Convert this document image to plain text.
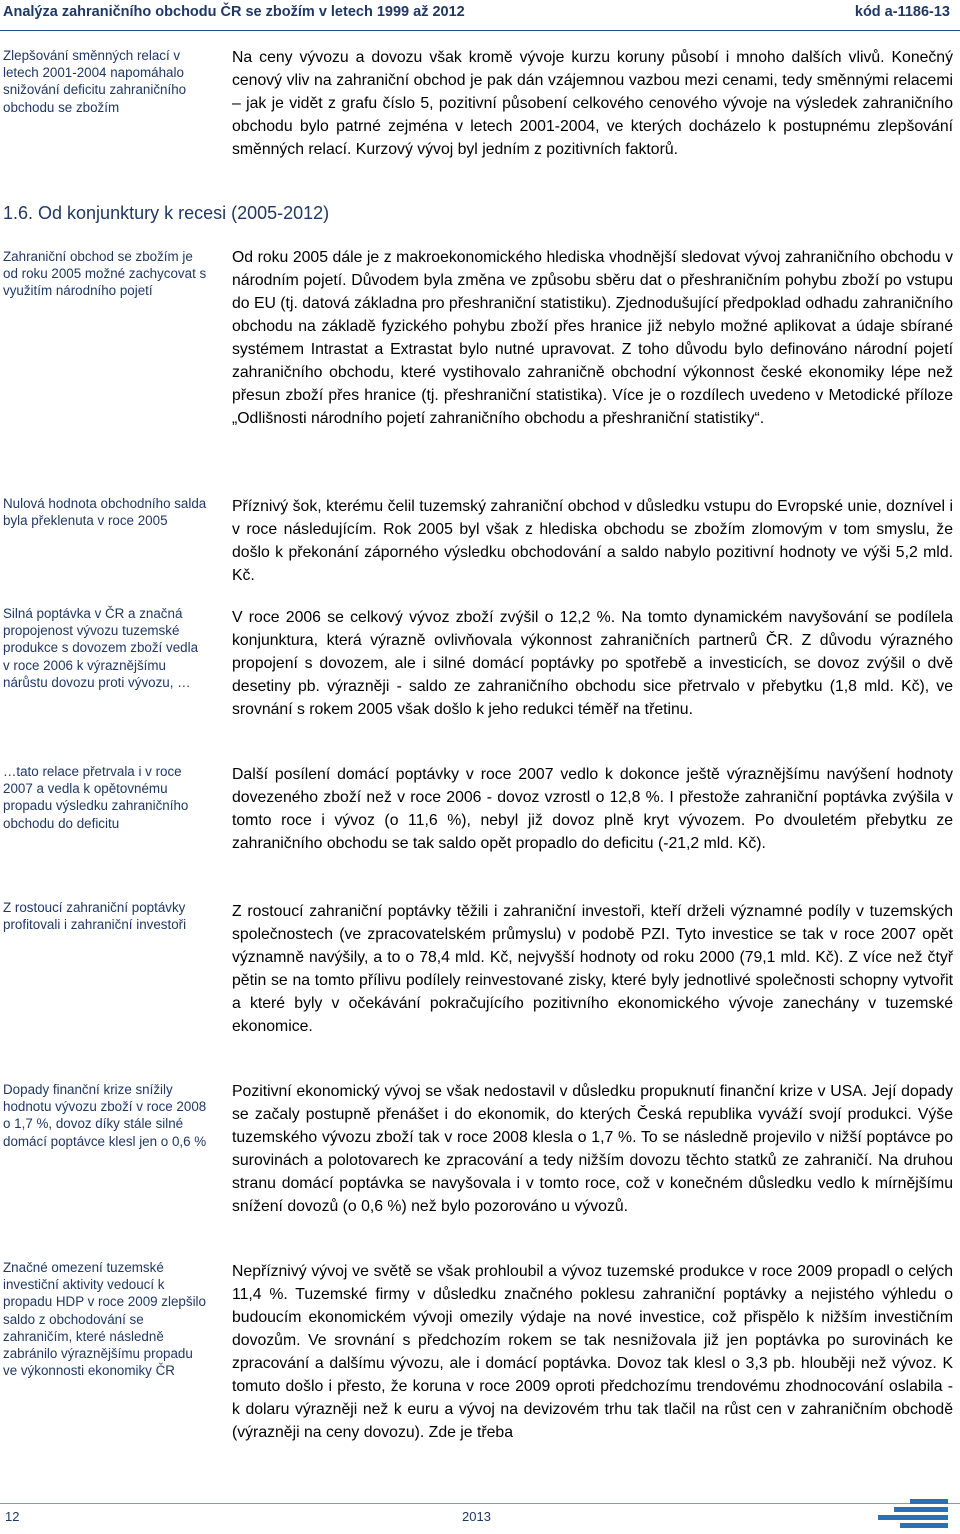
Analýza zahraničního obchodu ČR se zbožím v letech 1999 až 2012	kód a-1186-13
Zlepšování směnných relací v letech 2001-2004 napomáhalo snižování deficitu zahraničního obchodu se zbožím
Zahraniční obchod se zbožím je od roku 2005 možné zachycovat s využitím národního pojetí
Nulová hodnota obchodního salda byla překlenuta v roce 2005
Silná poptávka v ČR a značná propojenost vývozu tuzemské produkce s dovozem zboží vedla v roce 2006 k výraznějšímu nárůstu dovozu proti vývozu, …
…tato relace přetrvala i v roce 2007 a vedla k opětovnému propadu výsledku zahraničního obchodu do deficitu
Z rostoucí zahraniční poptávky profitovali i zahraniční investoři
Dopady finanční krize snížily hodnotu vývozu zboží v roce 2008 o 1,7 %, dovoz díky stále silné domácí poptávce klesl jen o 0,6 %
Značné omezení tuzemské investiční aktivity vedoucí k propadu HDP v roce 2009 zlepšilo saldo z obchodování se zahraničím, které následně zabránilo výraznějšímu propadu ve výkonnosti ekonomiky ČR
1.6. Od konjunktury k recesi (2005-2012)

Na ceny vývozu a dovozu však kromě vývoje kurzu koruny působí i mnoho dalších vlivů. Konečný cenový vliv na zahraniční obchod je pak dán vzájemnou vazbou mezi cenami, tedy směnnými relacemi – jak je vidět z grafu číslo 5, pozitivní působení celkového cenového vývoje na výsledek zahraničního obchodu bylo patrné zejména v letech 2001-2004, ve kterých docházelo k postupnému zlepšování směnných relací. Kurzový vývoj byl jedním z pozitivních faktorů.

Od roku 2005 dále je z makroekonomického hlediska vhodnější sledovat vývoj zahraničního obchodu v národním pojetí. Důvodem byla změna ve způsobu sběru dat o přeshraničním pohybu zboží po vstupu do EU (tj. datová základna pro přeshraniční statistiku). Zjednodušující předpoklad odhadu zahraničního obchodu na základě fyzického pohybu zboží přes hranice již nebylo možné aplikovat a údaje sbírané systémem Intrastat a Extrastat bylo nutné upravovat. Z toho důvodu bylo definováno národní pojetí zahraničního obchodu, které vystihovalo zahraničně obchodní výkonnost české ekonomiky lépe než přesun zboží přes hranice (tj. přeshraniční statistika). Více je o rozdílech uvedeno v Metodické příloze „Odlišnosti národního pojetí zahraničního obchodu a přeshraniční statistiky“.

Příznivý šok, kterému čelil tuzemský zahraniční obchod v důsledku vstupu do Evropské unie, doznível i v roce následujícím. Rok 2005 byl však z hlediska obchodu se zbožím zlomovým v tom smyslu, že došlo k překonání záporného výsledku obchodování a saldo nabylo pozitivní hodnoty ve výši 5,2 mld. Kč.

V roce 2006 se celkový vývoz zboží zvýšil o 12,2 %. Na tomto dynamickém navyšování se podílela konjunktura, která výrazně ovlivňovala výkonnost zahraničních partnerů ČR. Z důvodu výrazného propojení s dovozem, ale i silné domácí poptávky po spotřebě a investicích, se dovoz zvýšil o dvě desetiny pb. výrazněji - saldo ze zahraničního obchodu sice přetrvalo v přebytku (1,8 mld. Kč), ve srovnání s rokem 2005 však došlo k jeho redukci téměř na třetinu.

Další posílení domácí poptávky v roce 2007 vedlo k dokonce ještě výraznějšímu navýšení hodnoty dovezeného zboží než v roce 2006 - dovoz vzrostl o 12,8 %. I přestože zahraniční poptávka zvýšila v tomto roce i vývoz (o 11,6 %), nebyl již dovoz plně kryt vývozem. Po dvouletém přebytku ze zahraničního obchodu se tak saldo opět propadlo do deficitu (-21,2 mld. Kč).

Z rostoucí zahraniční poptávky těžili i zahraniční investoři, kteří drželi významné podíly v tuzemských společnostech (ve zpracovatelském průmyslu) v podobě PZI. Tyto investice se tak v roce 2007 opět významně navýšily, a to o 78,4 mld. Kč, nejvyšší hodnoty od roku 2000 (79,1 mld. Kč). Z více než čtyř pětin se na tomto přílivu podílely reinvestované zisky, které byly jednotlivé společnosti schopny vytvořit a které byly v očekávání pokračujícího pozitivního ekonomického vývoje zanechány v tuzemské ekonomice.

Pozitivní ekonomický vývoj se však nedostavil v důsledku propuknutí finanční krize v USA. Její dopady se začaly postupně přenášet i do ekonomik, do kterých Česká republika vyváží svojí produkci. Výše tuzemského vývozu zboží tak v roce 2008 klesla o 1,7 %. To se následně projevilo v nižší poptávce po surovinách a polotovarech ke zpracování a tedy nižším dovozu těchto statků ze zahraničí. Na druhou stranu domácí poptávka se navyšovala i v tomto roce, což v konečném důsledku vedlo k mírnějšímu snížení dovozů (o 0,6 %) než bylo pozorováno u vývozů.

Nepříznivý vývoj ve světě se však prohloubil a vývoz tuzemské produkce v roce 2009 propadl o celých 11,4 %. Tuzemské firmy v důsledku značného poklesu zahraniční poptávky a nejistého výhledu o budoucím ekonomickém vývoji omezily výdaje na nové investice, což přispělo k nižším investičním dovozům. Ve srovnání s předchozím rokem se tak nesnižovala již jen poptávka po surovinách ke zpracování a dalšímu vývozu, ale i domácí poptávka. Dovoz tak klesl o 3,3 pb. hlouběji než vývoz. K tomuto došlo i přesto, že koruna v roce 2009 oproti předchozímu trendovému zhodnocování oslabila - k dolaru výrazněji než k euru a vývoj na devizovém trhu tak tlačil na růst cen v zahraničním obchodě (výrazněji na ceny dovozu). Zde je třeba

12	2013
